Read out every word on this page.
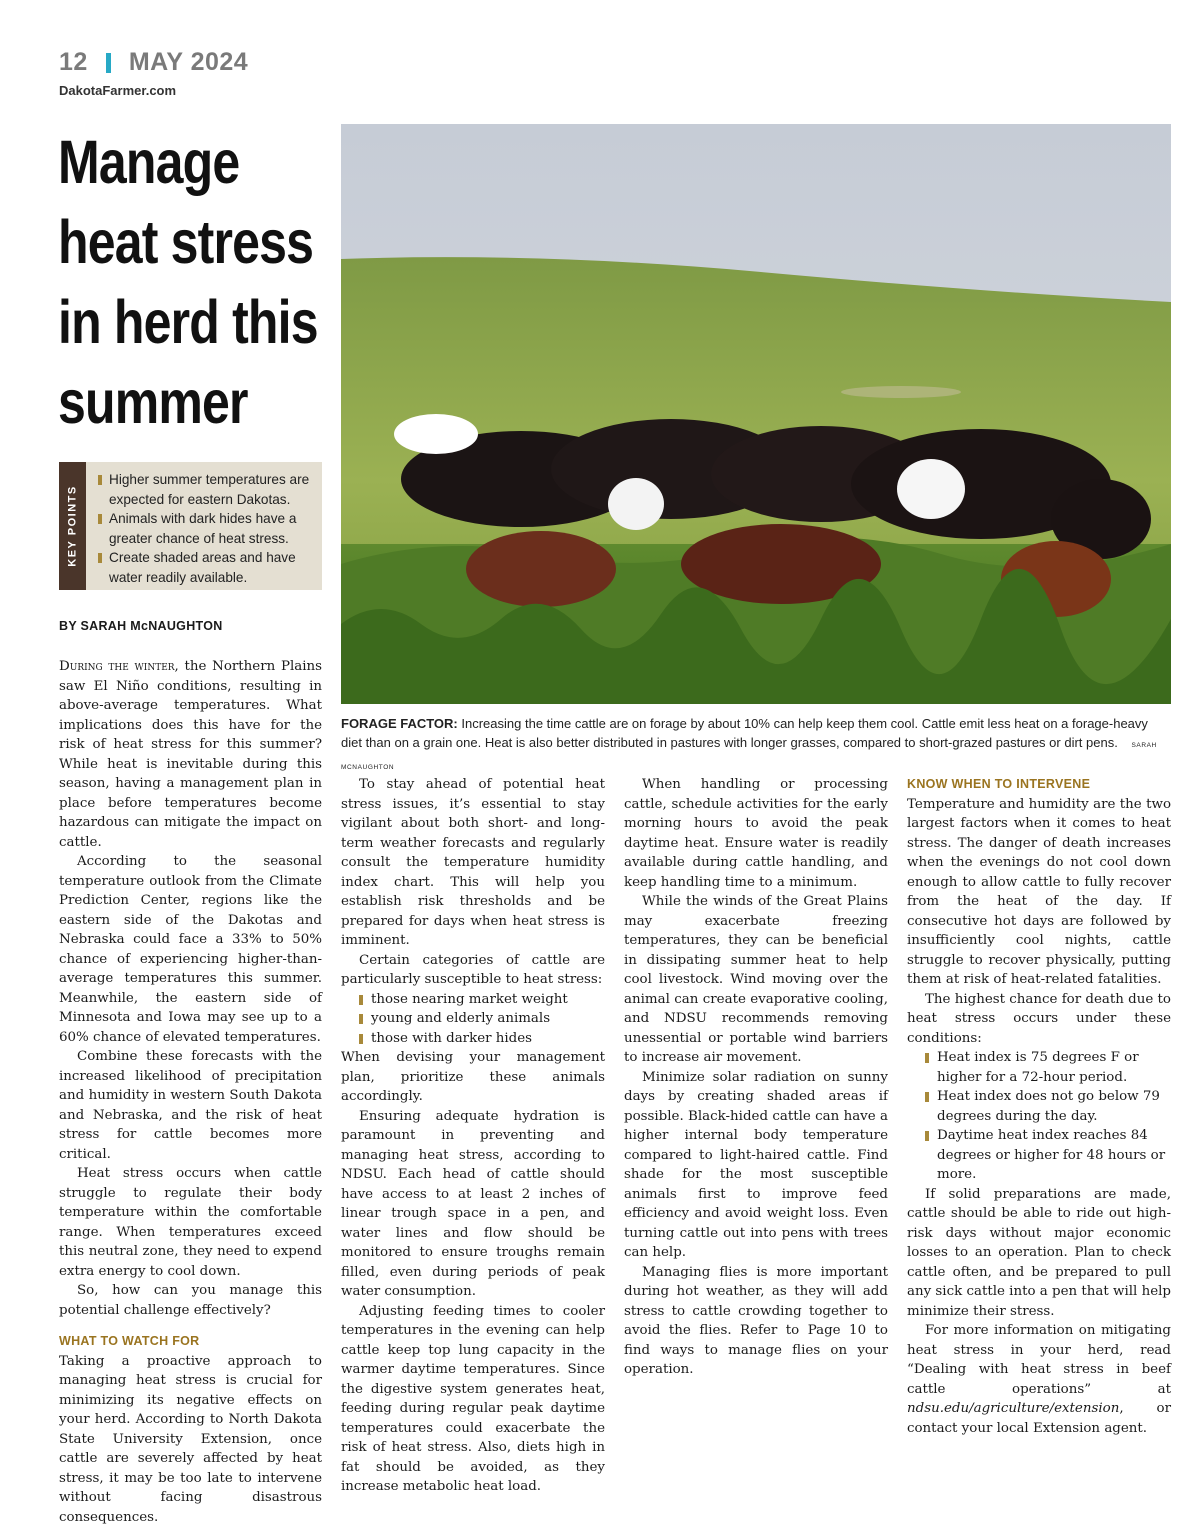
12 MAY 2024
DakotaFarmer.com
Manage heat stress in herd this summer
KEY POINTS
Higher summer temperatures are expected for eastern Dakotas.
Animals with dark hides have a greater chance of heat stress.
Create shaded areas and have water readily available.
BY SARAH McNAUGHTON
FORAGE FACTOR: Increasing the time cattle are on forage by about 10% can help keep them cool. Cattle emit less heat on a forage-heavy diet than on a grain one. Heat is also better distributed in pastures with longer grasses, compared to short-grazed pastures or dirt pens. SARAH MCNAUGHTON

During the winter, the Northern Plains saw El Niño conditions, resulting in above-average temperatures. What implications does this have for the risk of heat stress for this summer? While heat is inevitable during this season, having a management plan in place before temperatures become hazardous can mitigate the impact on cattle.

According to the seasonal temperature outlook from the Climate Prediction Center, regions like the eastern side of the Dakotas and Nebraska could face a 33% to 50% chance of experiencing higher-than-average temperatures this summer. Meanwhile, the eastern side of Minnesota and Iowa may see up to a 60% chance of elevated temperatures.

Combine these forecasts with the increased likelihood of precipitation and humidity in western South Dakota and Nebraska, and the risk of heat stress for cattle becomes more critical.

Heat stress occurs when cattle struggle to regulate their body temperature within the comfortable range. When temperatures exceed this neutral zone, they need to expend extra energy to cool down.

So, how can you manage this potential challenge effectively?

WHAT TO WATCH FOR

Taking a proactive approach to managing heat stress is crucial for minimizing its negative effects on your herd. According to North Dakota State University Extension, once cattle are severely affected by heat stress, it may be too late to intervene without facing disastrous consequences.

To stay ahead of potential heat stress issues, it’s essential to stay vigilant about both short- and long-term weather forecasts and regularly consult the temperature humidity index chart. This will help you establish risk thresholds and be prepared for days when heat stress is imminent.

Certain categories of cattle are particularly susceptible to heat stress:

those nearing market weight
young and elderly animals
those with darker hides

When devising your management plan, prioritize these animals accordingly.

Ensuring adequate hydration is paramount in preventing and managing heat stress, according to NDSU. Each head of cattle should have access to at least 2 inches of linear trough space in a pen, and water lines and flow should be monitored to ensure troughs remain filled, even during periods of peak water consumption.

Adjusting feeding times to cooler temperatures in the evening can help cattle keep top lung capacity in the warmer daytime temperatures. Since the digestive system generates heat, feeding during regular peak daytime temperatures could exacerbate the risk of heat stress. Also, diets high in fat should be avoided, as they increase metabolic heat load.

When handling or processing cattle, schedule activities for the early morning hours to avoid the peak daytime heat. Ensure water is readily available during cattle handling, and keep handling time to a minimum.

While the winds of the Great Plains may exacerbate freezing temperatures, they can be beneficial in dissipating summer heat to help cool livestock. Wind moving over the animal can create evaporative cooling, and NDSU recommends removing unessential or portable wind barriers to increase air movement.

Minimize solar radiation on sunny days by creating shaded areas if possible. Black-hided cattle can have a higher internal body temperature compared to light-haired cattle. Find shade for the most susceptible animals first to improve feed efficiency and avoid weight loss. Even turning cattle out into pens with trees can help.

Managing flies is more important during hot weather, as they will add stress to cattle crowding together to avoid the flies. Refer to Page 10 to find ways to manage flies on your operation.

KNOW WHEN TO INTERVENE

Temperature and humidity are the two largest factors when it comes to heat stress. The danger of death increases when the evenings do not cool down enough to allow cattle to fully recover from the heat of the day. If consecutive hot days are followed by insufficiently cool nights, cattle struggle to recover physically, putting them at risk of heat-related fatalities.

The highest chance for death due to heat stress occurs under these conditions:

Heat index is 75 degrees F or higher for a 72-hour period.
Heat index does not go below 79 degrees during the day.
Daytime heat index reaches 84 degrees or higher for 48 hours or more.

If solid preparations are made, cattle should be able to ride out high-risk days without major economic losses to an operation. Plan to check cattle often, and be prepared to pull any sick cattle into a pen that will help minimize their stress.

For more information on mitigating heat stress in your herd, read “Dealing with heat stress in beef cattle operations” at ndsu.edu/agriculture/extension, or contact your local Extension agent.
